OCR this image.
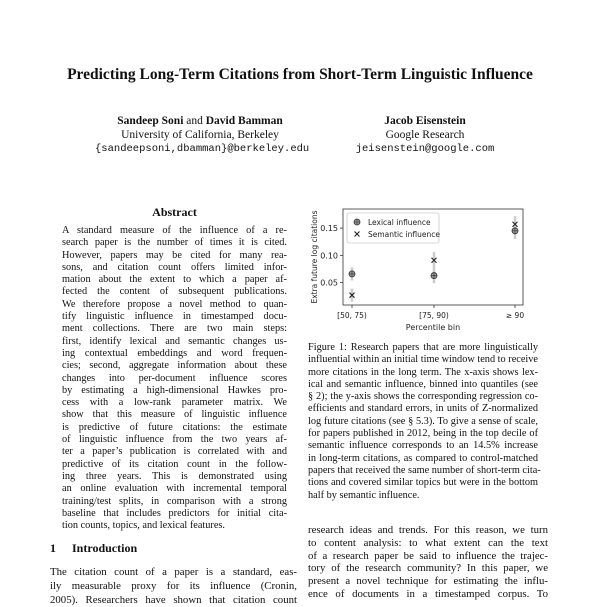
Predicting Long-Term Citations from Short-Term Linguistic Influence
Sandeep Soni and David Bamman
University of California, Berkeley
{sandeepsoni,dbamman}@berkeley.edu
Jacob Eisenstein
Google Research
jeisenstein@google.com
Abstract
A standard measure of the influence of a re-
search paper is the number of times it is cited.
However, papers may be cited for many rea-
sons, and citation count offers limited infor-
mation about the extent to which a paper af-
fected the content of subsequent publications.
We therefore propose a novel method to quan-
tify linguistic influence in timestamped docu-
ment collections. There are two main steps:
first, identify lexical and semantic changes us-
ing contextual embeddings and word frequen-
cies; second, aggregate information about these
changes into per-document influence scores
by estimating a high-dimensional Hawkes pro-
cess with a low-rank parameter matrix. We
show that this measure of linguistic influence
is predictive of future citations: the estimate
of linguistic influence from the two years af-
ter a paper’s publication is correlated with and
predictive of its citation count in the follow-
ing three years. This is demonstrated using
an online evaluation with incremental temporal
training/test splits, in comparison with a strong
baseline that includes predictors for initial cita-
tion counts, topics, and lexical features.
1 Introduction
The citation count of a paper is a standard, eas-
ily measurable proxy for its influence (Cronin,
2005). Researchers have shown that citation count
0.05
0.10
0.15
[50, 75)	[75, 90)	≥ 90
Percentile bin
Extra future log citations	Lexical influence
Semantic influence
Figure 1: Research papers that are more linguistically
influential within an initial time window tend to receive
more citations in the long term. The x-axis shows lex-
ical and semantic influence, binned into quantiles (see
§ 2); the y-axis shows the corresponding regression co-
efficients and standard errors, in units of Z-normalized
log future citations (see § 5.3). To give a sense of scale,
for papers published in 2012, being in the top decile of
semantic influence corresponds to an 14.5% increase
in long-term citations, as compared to control-matched
papers that received the same number of short-term cita-
tions and covered similar topics but were in the bottom
half by semantic influence.
research ideas and trends. For this reason, we turn
to content analysis: to what extent can the text
of a research paper be said to influence the trajec-
tory of the research community? In this paper, we
present a novel technique for estimating the influ-
ence of documents in a timestamped corpus. To
